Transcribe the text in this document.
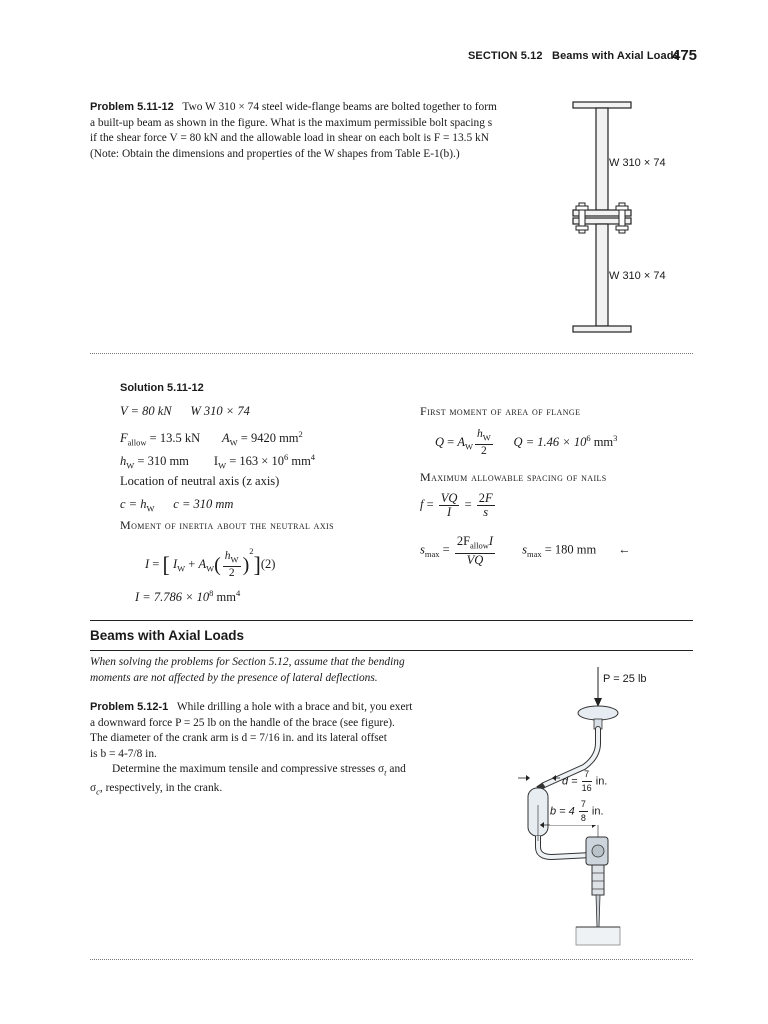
SECTION 5.12 Beams with Axial Loads
475
Problem 5.11-12 Two W 310 × 74 steel wide-flange beams are bolted together to form
a built-up beam as shown in the figure. What is the maximum permissible bolt spacing s
if the shear force V = 80 kN and the allowable load in shear on each bolt is F = 13.5 kN
(Note: Obtain the dimensions and properties of the W shapes from Table E-1(b).)
W 310 × 74
W 310 × 74
Solution 5.11-12
V = 80 kN W 310 × 74
$F_{allow} = 13.5$ kN $A_W = 9420$ $mm^2$
$h_W = 310$ mm $I_W = 163 \times 10^6$ $mm^4$
Location of neutral axis (z axis)
$c = h_W$ c = 310 mm
Moment of inertia about the neutral axis
I = [ $I_W + A_W( \frac{h_W}{2} )^2](2)$
$I = 7.786 \times 10^8$ $mm^4$
First moment of area of flange
$Q = A_W \frac{h_W}{2}$ $Q = 1.46 \times 10^6$ $mm^3$
Maximum allowable spacing of nails
$f = \frac{VQ}{I} = \frac{2F}{s}$
$s_{max} = \frac{2F_{allow}I}{VQ} s_{max} = 180$ mm ←
Beams with Axial Loads
When solving the problems for Section 5.12, assume that the bending
moments are not affected by the presence of lateral deflections.
Problem 5.12-1 While drilling a hole with a brace and bit, you exert
a downward force P = 25 lb on the handle of the brace (see figure).
The diameter of the crank arm is d = 7/16 in. and its lateral offset
is b = 4-7/8 in.
Determine the maximum tensile and compressive stresses $\sigma_t$ and
$\sigma_c$, respectively, in the crank.
P = 25 lb
$d = \frac{7}{16}$ in.
$b = 4 \frac{7}{8}$ in.
